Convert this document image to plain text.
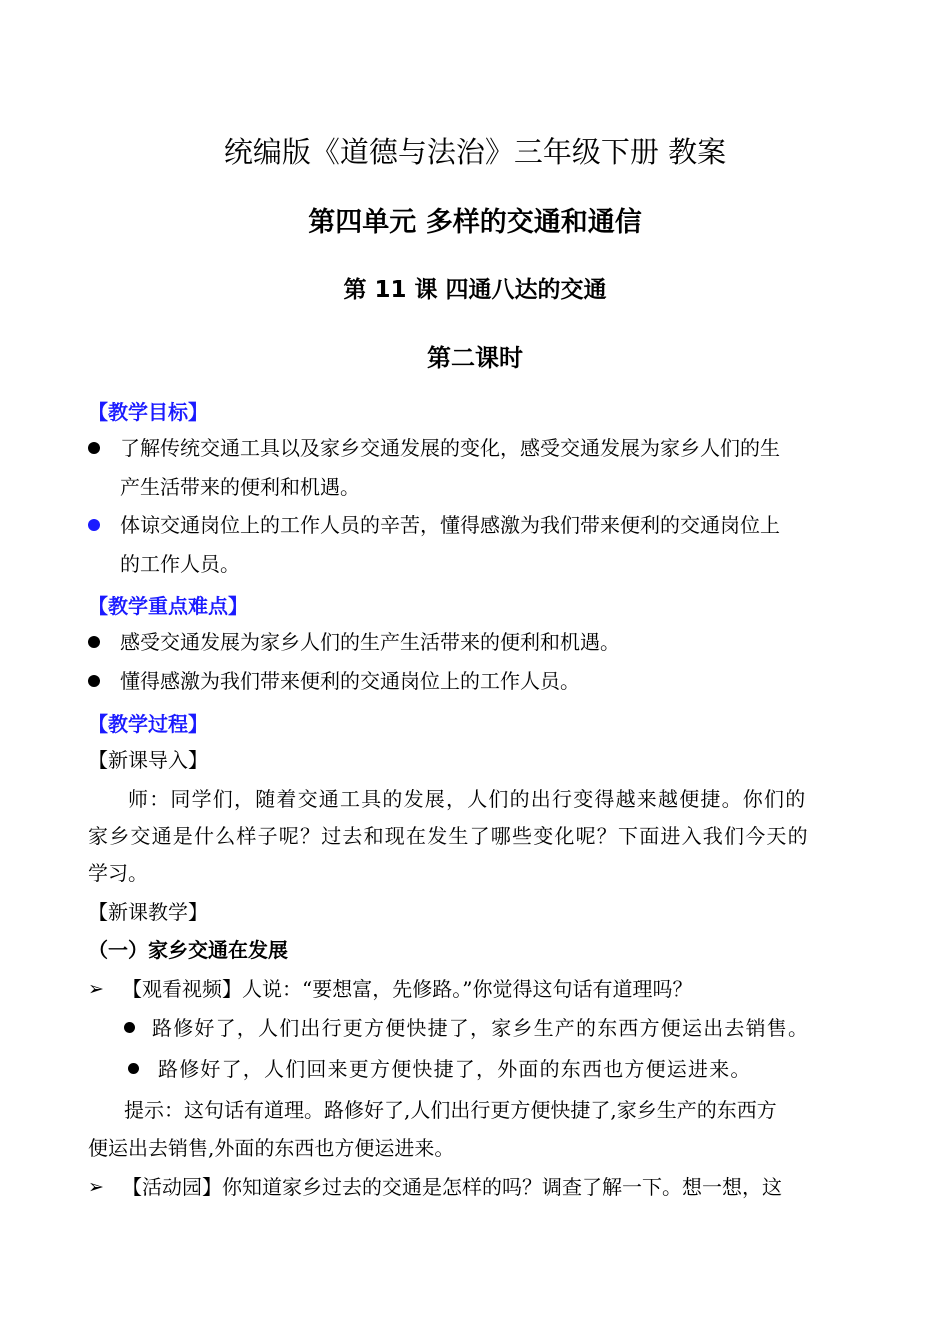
统编版《道德与法治》三年级下册 教案
第四单元 多样的交通和通信
第 11 课 四通八达的交通
第二课时
【教学目标】
了解传统交通工具以及家乡交通发展的变化，感受交通发展为家乡人们的生
产生活带来的便利和机遇。
体谅交通岗位上的工作人员的辛苦，懂得感激为我们带来便利的交通岗位上
的工作人员。
【教学重点难点】
感受交通发展为家乡人们的生产生活带来的便利和机遇。
懂得感激为我们带来便利的交通岗位上的工作人员。
【教学过程】
【新课导入】
师：同学们，随着交通工具的发展，人们的出行变得越来越便捷。你们的
家乡交通是什么样子呢？过去和现在发生了哪些变化呢？下面进入我们今天的
学习。
【新课教学】
（一）家乡交通在发展
➢ 【观看视频】人说：“要想富，先修路。”你觉得这句话有道理吗？
路修好了，人们出行更方便快捷了，家乡生产的东西方便运出去销售。
路修好了，人们回来更方便快捷了，外面的东西也方便运进来。
提示：这句话有道理。路修好了,人们出行更方便快捷了,家乡生产的东西方
便运出去销售,外面的东西也方便运进来。
➢ 【活动园】你知道家乡过去的交通是怎样的吗？调查了解一下。想一想，这
